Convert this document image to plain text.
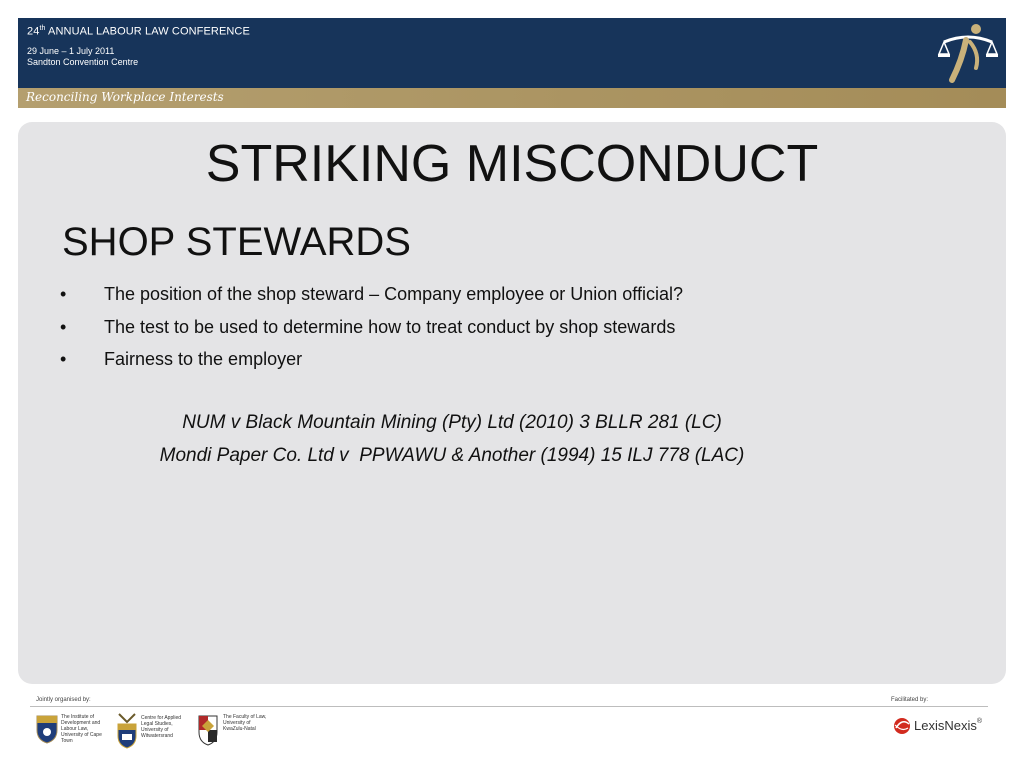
24th ANNUAL LABOUR LAW CONFERENCE
29 June – 1 July 2011
Sandton Convention Centre
Reconciling Workplace Interests
STRIKING MISCONDUCT
SHOP STEWARDS
• The position of the shop steward – Company employee or Union official?
• The test to be used to determine how to treat conduct by shop stewards
• Fairness to the employer
NUM v Black Mountain Mining (Pty) Ltd (2010) 3 BLLR 281 (LC)
Mondi Paper Co. Ltd v  PPWAWU & Another (1994) 15 ILJ 778 (LAC)
Jointly organised by:	Facilitated by:
The Institute of Development and Labour Law, University of Cape Town
Centre for Applied Legal Studies, University of Witwatersrand
The Faculty of Law, University of KwaZulu-Natal	LexisNexis®
